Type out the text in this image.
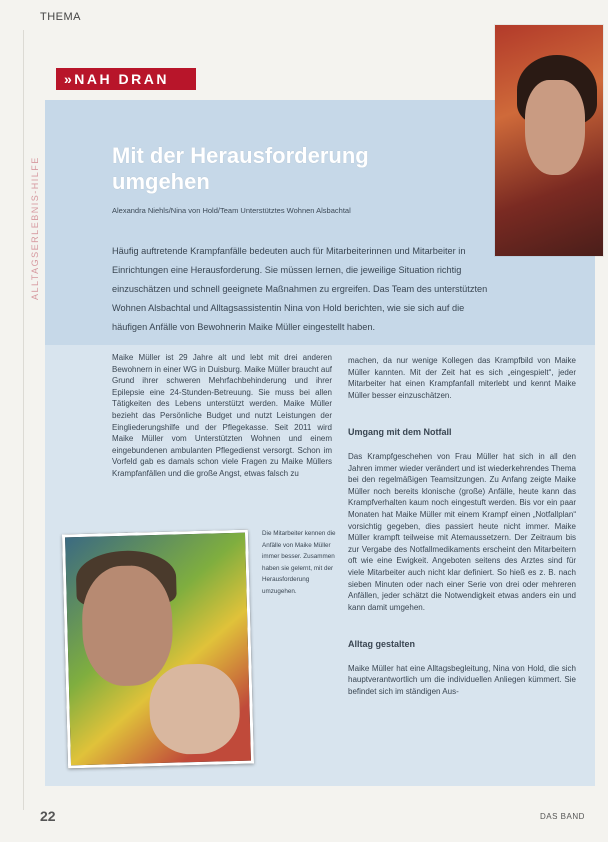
THEMA
ALLTAGSERLEBNIS-HILFE
»NAH DRAN
Mit der Herausforderung umgehen
Alexandra Niehls/Nina von Hold/Team Unterstütztes Wohnen Alsbachtal
Häufig auftretende Krampfanfälle bedeuten auch für Mitarbeiterinnen und Mitarbeiter in Einrichtungen eine Herausforderung. Sie müssen lernen, die jeweilige Situation richtig einzuschätzen und schnell geeignete Maßnahmen zu ergreifen. Das Team des unterstützten Wohnen Alsbachtal und Alltagsassistentin Nina von Hold berichten, wie sie sich auf die häufigen Anfälle von Bewohnerin Maike Müller eingestellt haben.

Maike Müller ist 29 Jahre alt und lebt mit drei anderen Bewohnern in einer WG in Duisburg. Maike Müller braucht auf Grund ihrer schweren Mehrfachbehinderung und ihrer Epilepsie eine 24-Stunden-Betreuung. Sie muss bei allen Tätigkeiten des Lebens unterstützt werden. Maike Müller bezieht das Persönliche Budget und nutzt Leistungen der Eingliederungshilfe und der Pflegekasse. Seit 2011 wird Maike Müller vom Unterstützten Wohnen und einem eingebundenen ambulanten Pflegedienst versorgt. Schon im Vorfeld gab es damals schon viele Fragen zu Maike Müllers Krampfanfällen und die große Angst, etwas falsch zu

machen, da nur wenige Kollegen das Krampfbild von Maike Müller kannten. Mit der Zeit hat es sich „eingespielt“, jeder Mitarbeiter hat einen Krampfanfall miterlebt und kennt Maike Müller besser einzuschätzen.

Umgang mit dem Notfall

Das Krampfgeschehen von Frau Müller hat sich in all den Jahren immer wieder verändert und ist wiederkehrendes Thema bei den regelmäßigen Teamsitzungen. Zu Anfang zeigte Maike Müller noch bereits klonische (große) Anfälle, heute kann das Krampfverhalten kaum noch eingestuft werden. Bis vor ein paar Monaten hat Maike Müller mit einem Krampf einen „Notfallplan“ vorsichtig gegeben, dies passiert heute nicht immer. Maike Müller krampft teilweise mit Atemaussetzern. Der Zeitraum bis zur Vergabe des Notfallmedikaments erscheint den Mitarbeitern oft wie eine Ewigkeit. Angeboten seitens des Arztes sind für viele Mitarbeiter auch nicht klar definiert. So hieß es z. B. nach sieben Minuten oder nach einer Serie von drei oder mehreren Anfällen, jeder schätzt die Notwendigkeit etwas anders ein und kann damit umgehen.

Alltag gestalten

Maike Müller hat eine Alltagsbegleitung, Nina von Hold, die sich hauptverantwortlich um die individuellen Anliegen kümmert. Sie befindet sich im ständigen Aus-

Die Mitarbeiter kennen die Anfälle von Maike Müller immer besser. Zusammen haben sie gelernt, mit der Herausforderung umzugehen.
22	DAS BAND
